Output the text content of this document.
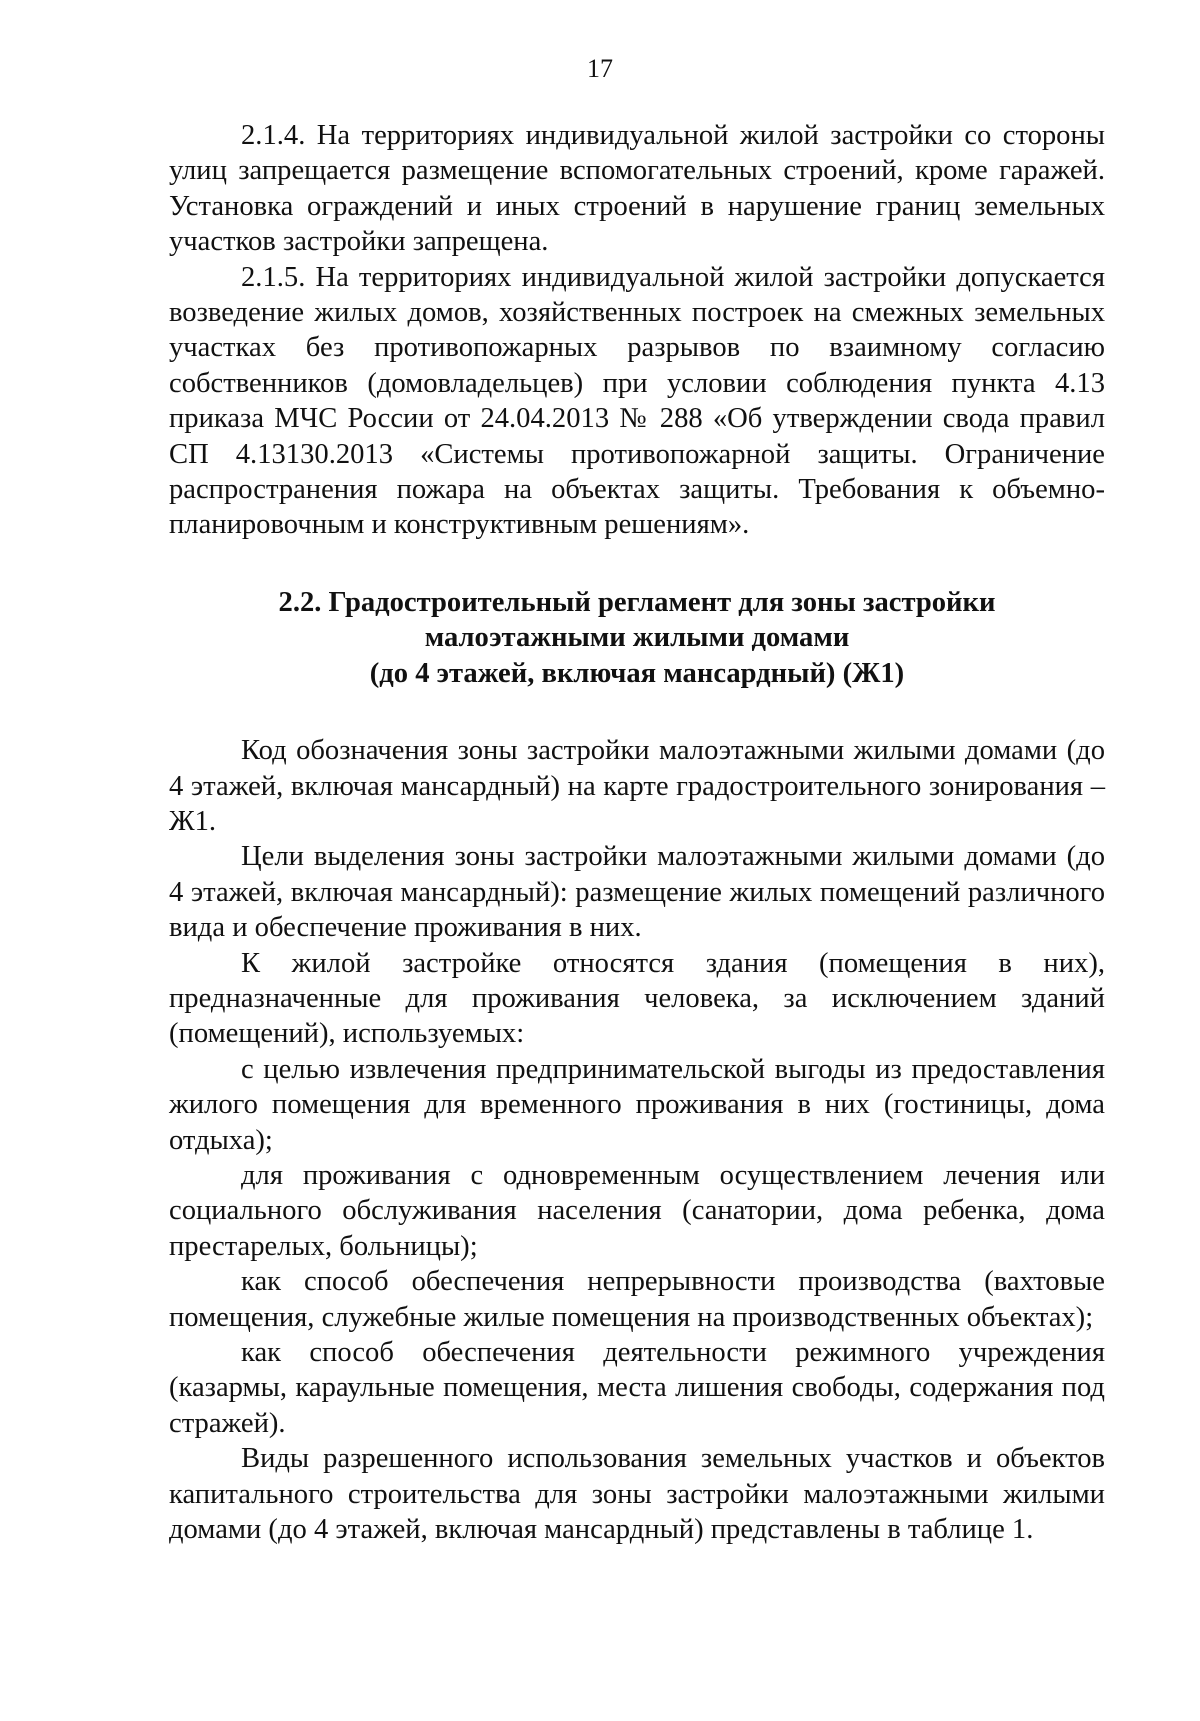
17

2.1.4. На территориях индивидуальной жилой застройки со стороны улиц запрещается размещение вспомогательных строений, кроме гаражей. Установка ограждений и иных строений в нарушение границ земельных участков застройки запрещена.

2.1.5. На территориях индивидуальной жилой застройки допускается возведение жилых домов, хозяйственных построек на смежных земельных участках без противопожарных разрывов по взаимному согласию собственников (домовладельцев) при условии соблюдения пункта 4.13 приказа МЧС России от 24.04.2013 № 288 «Об утверждении свода правил СП 4.13130.2013 «Системы противопожарной защиты. Ограничение распространения пожара на объектах защиты. Требования к объемно-планировочным и конструктивным решениям».

2.2. Градостроительный регламент для зоны застройки
малоэтажными жилыми домами
(до 4 этажей, включая мансардный) (Ж1)

Код обозначения зоны застройки малоэтажными жилыми домами (до 4 этажей, включая мансардный) на карте градостроительного зонирования – Ж1.

Цели выделения зоны застройки малоэтажными жилыми домами (до 4 этажей, включая мансардный): размещение жилых помещений различного вида и обеспечение проживания в них.

К жилой застройке относятся здания (помещения в них), предназначенные для проживания человека, за исключением зданий (помещений), используемых:

с целью извлечения предпринимательской выгоды из предоставления жилого помещения для временного проживания в них (гостиницы, дома отдыха);

для проживания с одновременным осуществлением лечения или социального обслуживания населения (санатории, дома ребенка, дома престарелых, больницы);

как способ обеспечения непрерывности производства (вахтовые помещения, служебные жилые помещения на производственных объектах);

как способ обеспечения деятельности режимного учреждения (казармы, караульные помещения, места лишения свободы, содержания под стражей).

Виды разрешенного использования земельных участков и объектов капитального строительства для зоны застройки малоэтажными жилыми домами (до 4 этажей, включая мансардный) представлены в таблице 1.
